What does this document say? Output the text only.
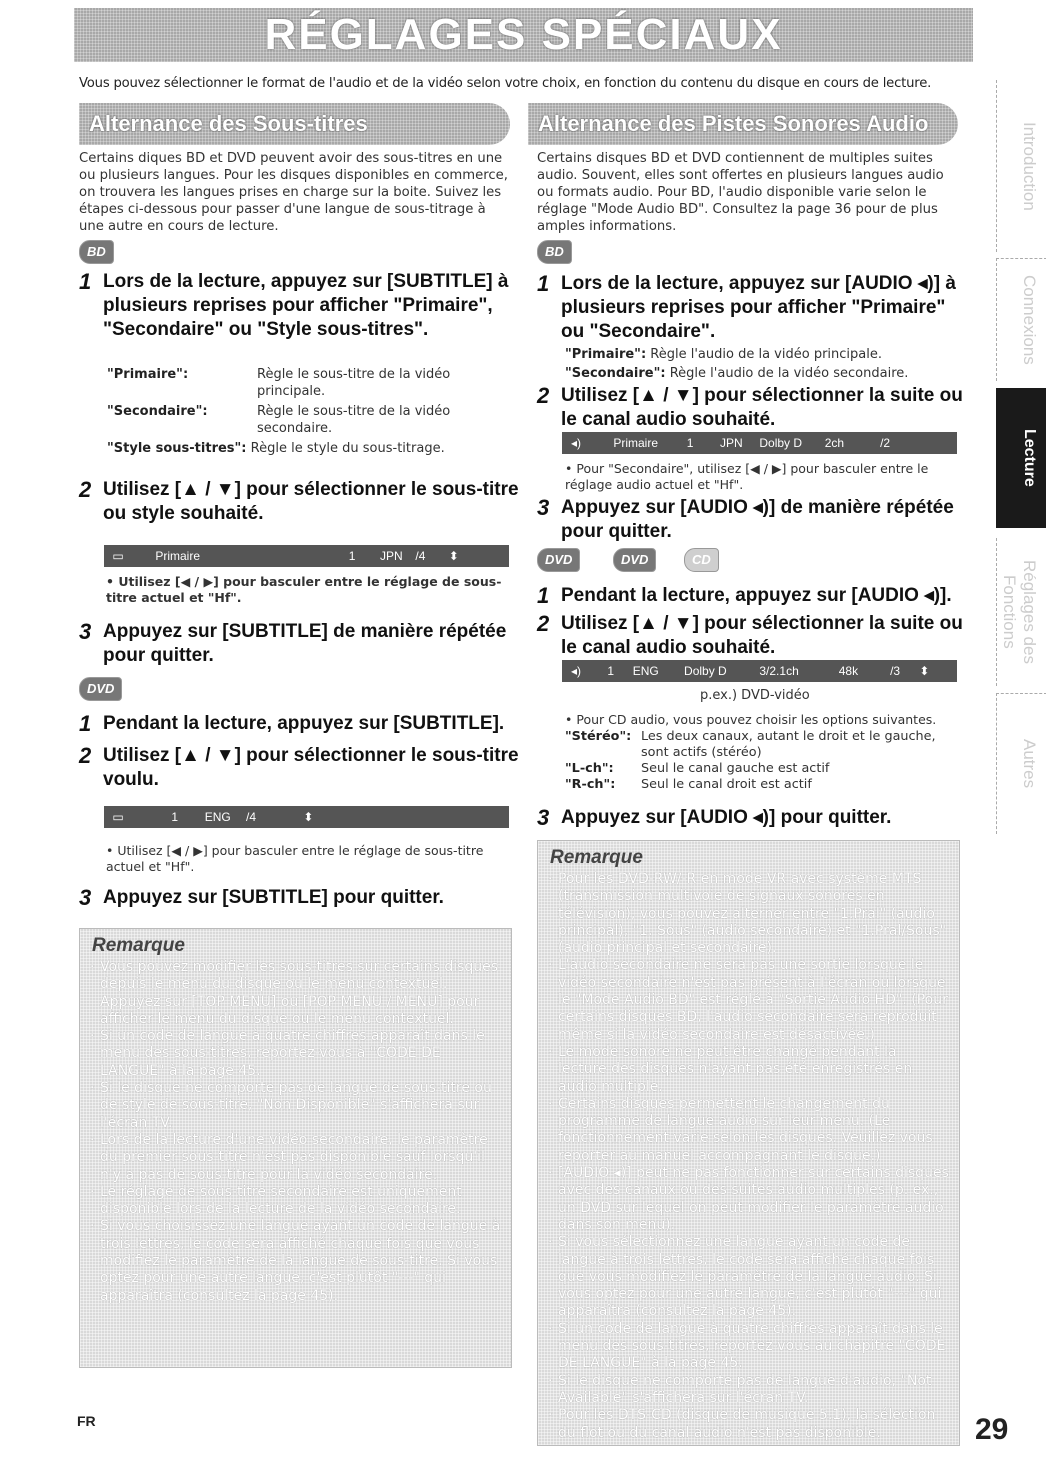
RÉGLAGES SPÉCIAUX
Vous pouvez sélectionner le format de l'audio et de la vidéo selon votre choix, en fonction du contenu du disque en cours de lecture.
Alternance des Sous-titres
Certains diques BD et DVD peuvent avoir des sous-titres en une ou plusieurs langues. Pour les disques disponibles en commerce, on trouvera les langues prises en charge sur la boite. Suivez les étapes ci-dessous pour passer d'une langue de sous-titrage à une autre en cours de lecture.
BD
1 Lors de la lecture, appuyez sur [SUBTITLE] à plusieurs reprises pour afficher "Primaire", "Secondaire" ou "Style sous-titres".
"Primaire":	Règle le sous-titre de la vidéo principale.
"Secondaire":	Règle le sous-titre de la vidéo secondaire.
"Style sous-titres": Règle le style du sous-titrage.
2 Utilisez [▲ / ▼] pour sélectionner le sous-titre ou style souhaité.
▭	Primaire	1 JPN /4 ⬍
• Utilisez [◀ / ▶] pour basculer entre le réglage de sous-titre actuel et "Hf".
3 Appuyez sur [SUBTITLE] de manière répétée pour quitter.
DVD
1 Pendant la lecture, appuyez sur [SUBTITLE].
2 Utilisez [▲ / ▼] pour sélectionner le sous-titre voulu.
▭	1 ENG /4	⬍
• Utilisez [◀ / ▶] pour basculer entre le réglage de sous-titre actuel et "Hf".
3 Appuyez sur [SUBTITLE] pour quitter.
Remarque
· Vous pouvez modifier les sous-titres sur certains disques depuis le menu du disque ou le menu contextuel. Appuyez sur [TOP MENU] ou [POP MENU / MENU] pour afficher le menu du disque ou le menu contextuel.
· Si un code de langue à quatre chiffres apparaît dans le menu des sous-titres, reportez-vous à "CODE DE LANGUE" à la page 45.
· Si le disque ne comporte pas de langue de sous-titre ou de style de sous-titre, "Non Disponible" s'affichera sur l'écran TV.
· Lors de la lecture d'une vidéo secondaire, le paramètre du premier sous-titre n'est pas disponible sauf lorsqu'il n'y a pas de sous-titre pour la vidéo secondaire.
· Le réglage de sous-titre secondaire est uniquement disponible lors de la lecture de la vidéo secondaire.
· Si vous choisissez une langue ayant un code de langue à trois lettres, le code sera affiché chaque fois que vous modifiez le paramètre de la langue de sous-titre. Si vous optez pour une autre langue, c'est plutôt "---" qui apparaîtra (consultez la page 45).
Alternance des Pistes Sonores Audio
Certains disques BD et DVD contiennent de multiples suites audio. Souvent, elles sont offertes en plusieurs langues audio ou formats audio. Pour BD, l'audio disponible varie selon le réglage "Mode Audio BD". Consultez la page 36 pour de plus amples informations.
BD
1 Lors de la lecture, appuyez sur [AUDIO ◂)] à plusieurs reprises pour afficher "Primaire" ou "Secondaire".
"Primaire": Règle l'audio de la vidéo principale.
"Secondaire": Règle l'audio de la vidéo secondaire.
2 Utilisez [▲ / ▼] pour sélectionner la suite ou le canal audio souhaité.
◂)	Primaire 1 JPN Dolby D 2ch	/2
• Pour "Secondaire", utilisez [◀ / ▶] pour basculer entre le réglage audio actuel et "Hf".
3 Appuyez sur [AUDIO ◂)] de manière répétée pour quitter.
DVD	DVD	CD
1 Pendant la lecture, appuyez sur [AUDIO ◂)].
2 Utilisez [▲ / ▼] pour sélectionner la suite ou le canal audio souhaité.
◂) 1 ENG Dolby D	3/2.1ch	48k	/3 ⬍
p.ex.) DVD-vidéo
• Pour CD audio, vous pouvez choisir les options suivantes.
"Stéréo": Les deux canaux, autant le droit et le gauche, sont actifs (stéréo)
"L-ch":	Seul le canal gauche est actif
"R-ch":	Seul le canal droit est actif
3 Appuyez sur [AUDIO ◂)] pour quitter.
Remarque
· Pour les DVD-RW/-R en mode VR avec système MTS (transmission multivoie de signaux sonores en télévision), vous pouvez alterner entre "1.Pral" (audio principal), "1. Sous" (audio secondaire) et "1.Pral/Sous" (audio principal et secondaire).
· L'audio secondaire ne sera pas une sortie lorsque le vidéo secondaire n'est pas présent à l'écran ou lorsque le "Mode Audio BD" est réglé à "Sortie Audio HD". (Pour certains disques BD, l'audio secondaire sera reproduit même si la vidéo secondaire est désactivée.)
· Le mode sonore ne peut être changé pendant la lecture des disques n'ayant pas été enregistrés en audio multiple.
· Certains disques permettent le changement du programme de langue audio sur leur menu. (Le fonctionnement varie selon les disques. Veuillez vous reporter au manuel accompagnant le disque.)
· [AUDIO ◂)] peut ne pas fonctionner sur certains disques avec des canaux ou des suites audio multiples (p. ex., un DVD sur lequel on peut modifier le paramètre audio dans son menu).
· Si vous sélectionnez une langue ayant un code de langue à trois lettres, le code sera affiché chaque fois que vous modifiez le paramètre de la langue audio. Si vous optez pour une autre langue, c'est plutôt "---" qui apparaîtra (consultez la page 45).
· Si un code de langue à quatre chiffres apparaît dans le menu des sous-titres, reportez-vous au chapitre "CODE DE LANGUE" à la page 45.
· Si le disque ne comporte pas de langue d'audio, "Not Available" s'affichera sur l'écran TV.
· Pour les DTS-CD (disque de musique 5.1), la sélection du flot ou du canal audio n'est pas disponible.
Introduction
Connexions
Lecture
Réglages des Fonctions
Autres
FR	29
